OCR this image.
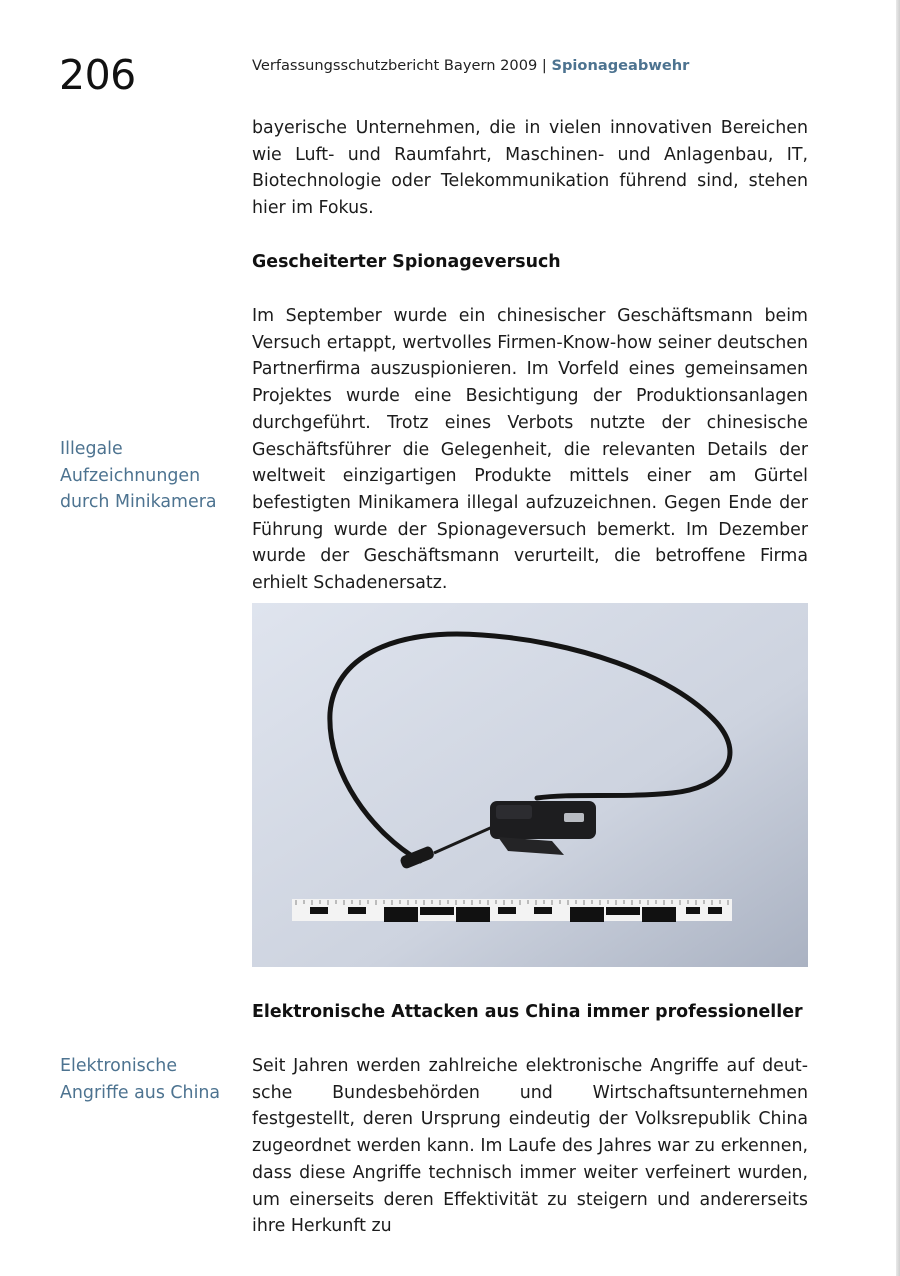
206	Verfassungsschutzbericht Bayern 2009 | Spionageabwehr

bayerische Unternehmen, die in vielen innovativen Bereichen wie Luft- und Raumfahrt, Maschinen- und Anlagenbau, IT, Biotechnologie oder Telekommunikation führend sind, stehen hier im Fokus.

Gescheiterter Spionageversuch
Illegale
Aufzeichnungen
durch Minikamera

Im September wurde ein chinesischer Geschäftsmann beim Versuch ertappt, wertvolles Firmen-Know-how seiner deutschen Partnerfirma auszuspionieren. Im Vorfeld eines gemeinsamen Projektes wurde eine Besichtigung der Produktionsanlagen durchgeführt. Trotz eines Verbots nutzte der chinesische Geschäftsführer die Gelegenheit, die relevanten Details der weltweit einzigartigen Produkte mittels einer am Gürtel befestigten Minikamera illegal aufzuzeichnen. Gegen Ende der Führung wurde der Spionageversuch bemerkt. Im Dezember wurde der Geschäftsmann verurteilt, die betroffene Firma erhielt Schadenersatz.

Elektronische Attacken aus China immer professioneller
Elektronische
Angriffe aus China

Seit Jahren werden zahlreiche elektronische Angriffe auf deutsche Bundesbehörden und Wirtschaftsunternehmen festgestellt, deren Ursprung eindeutig der Volksrepublik China zugeordnet werden kann. Im Laufe des Jahres war zu erkennen, dass diese Angriffe technisch immer weiter verfeinert wurden, um einerseits deren Effektivität zu steigern und andererseits ihre Herkunft zu
